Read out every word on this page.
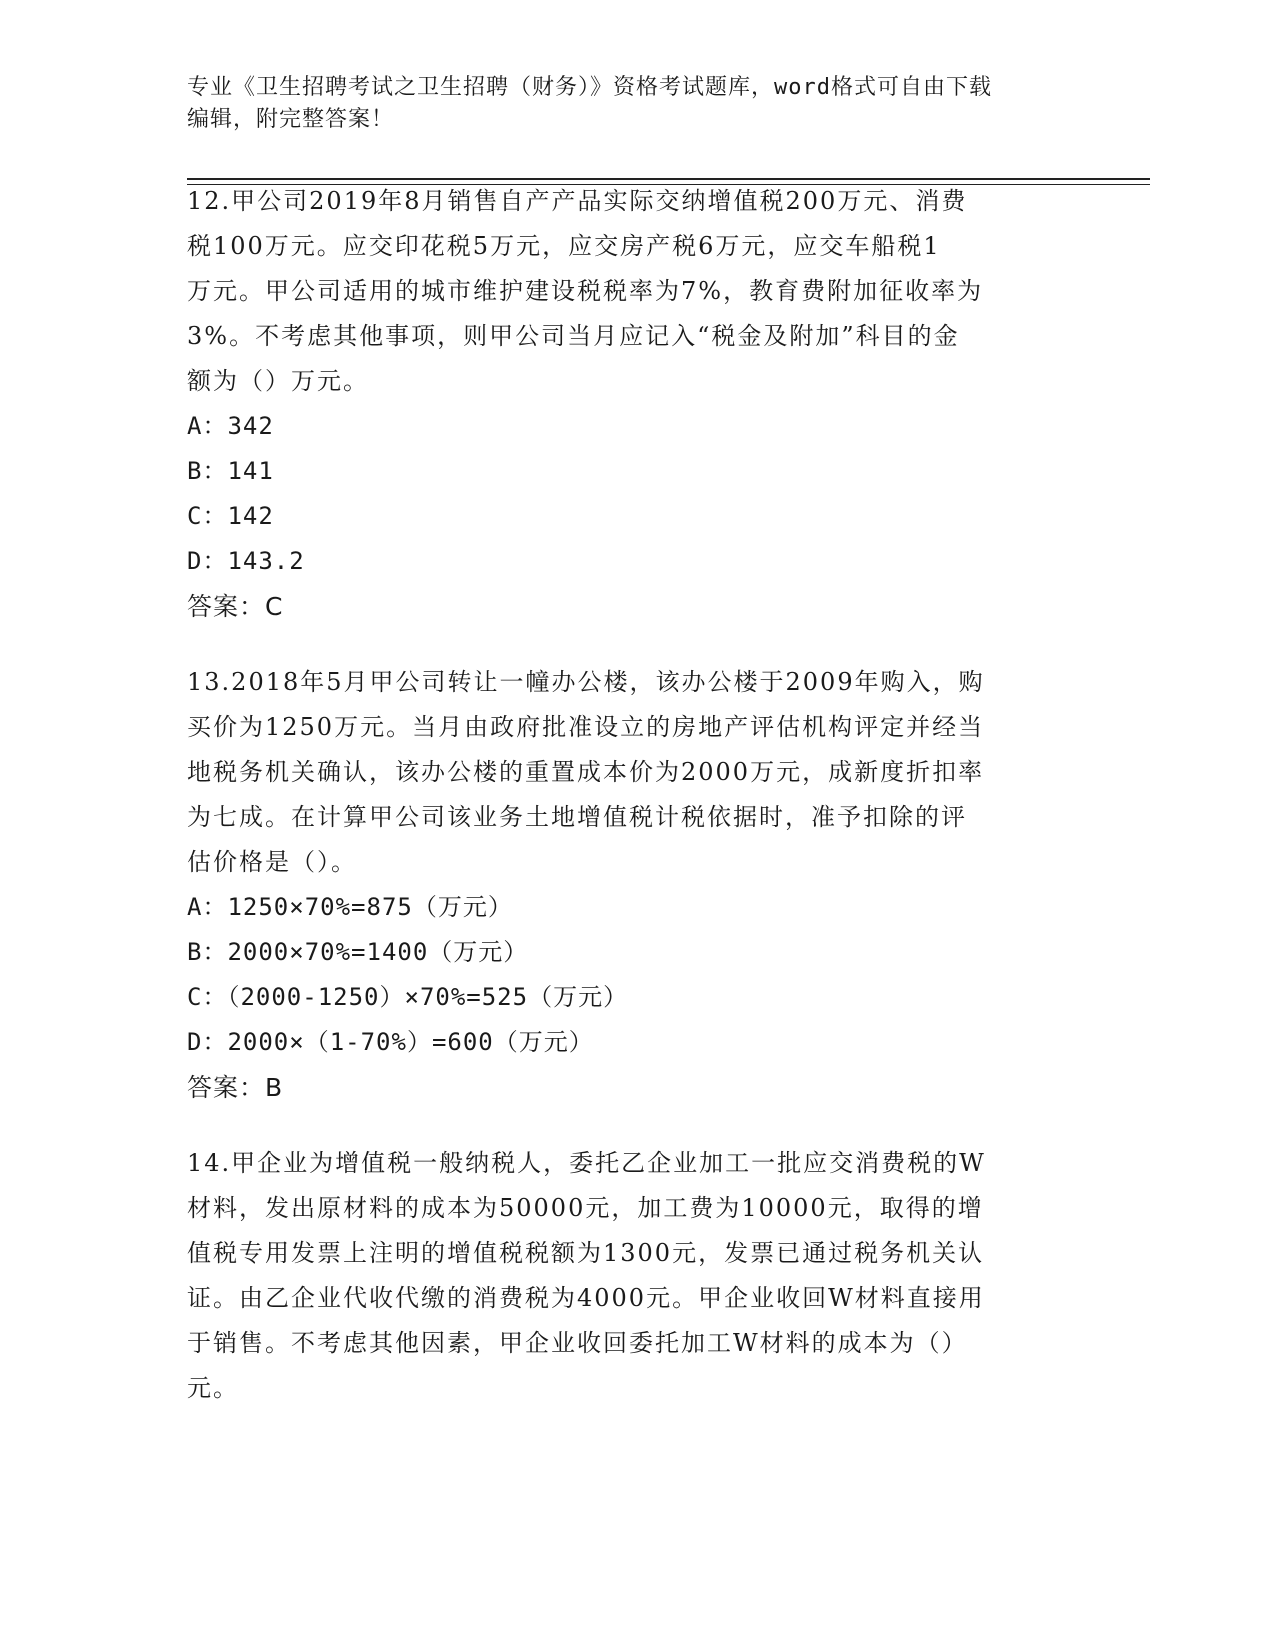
专业《卫生招聘考试之卫生招聘（财务）》资格考试题库，word格式可自由下载
编辑，附完整答案！
12.甲公司2019年8月销售自产产品实际交纳增值税200万元、消费
税100万元。应交印花税5万元，应交房产税6万元，应交车船税1
万元。甲公司适用的城市维护建设税税率为7%，教育费附加征收率为
3%。不考虑其他事项，则甲公司当月应记入“税金及附加”科目的金
额为（）万元。
A：342
B：141
C：142
D：143.2
答案：C
13.2018年5月甲公司转让一幢办公楼，该办公楼于2009年购入，购
买价为1250万元。当月由政府批准设立的房地产评估机构评定并经当
地税务机关确认，该办公楼的重置成本价为2000万元，成新度折扣率
为七成。在计算甲公司该业务土地增值税计税依据时，准予扣除的评
估价格是（）。
A：1250×70%=875（万元）
B：2000×70%=1400（万元）
C：（2000-1250）×70%=525（万元）
D：2000×（1-70%）=600（万元）
答案：B
14.甲企业为增值税一般纳税人，委托乙企业加工一批应交消费税的W
材料，发出原材料的成本为50000元，加工费为10000元，取得的增
值税专用发票上注明的增值税税额为1300元，发票已通过税务机关认
证。由乙企业代收代缴的消费税为4000元。甲企业收回W材料直接用
于销售。不考虑其他因素，甲企业收回委托加工W材料的成本为（）
元。
